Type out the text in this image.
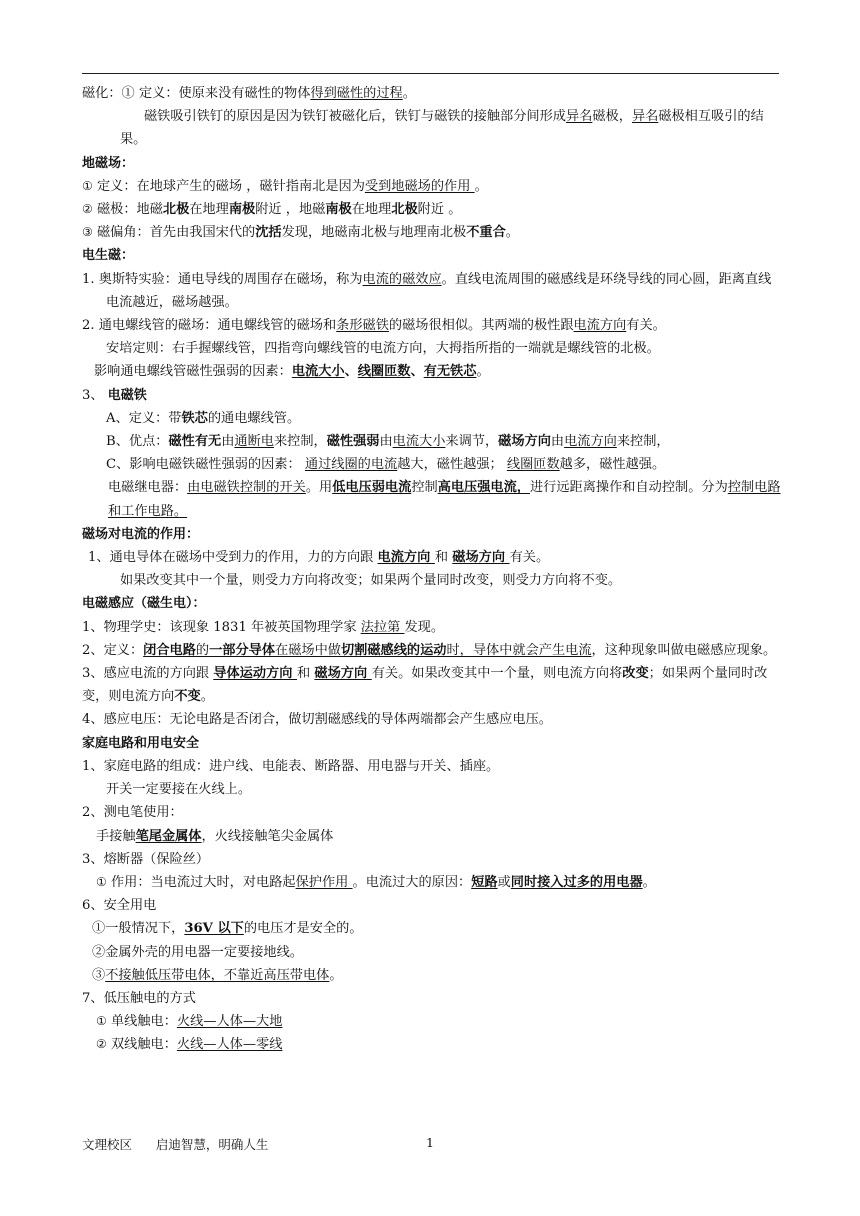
磁化：① 定义：使原来没有磁性的物体得到磁性的过程。
磁铁吸引铁钉的原因是因为铁钉被磁化后，铁钉与磁铁的接触部分间形成异名磁极，异名磁极相互吸引的结果。
地磁场：
① 定义：在地球产生的磁场 ，磁针指南北是因为受到地磁场的作用 。
② 磁极：地磁北极在地理南极附近 ，地磁南极在地理北极附近 。
③ 磁偏角：首先由我国宋代的沈括发现，地磁南北极与地理南北极不重合。
电生磁：
1. 奥斯特实验：通电导线的周围存在磁场，称为电流的磁效应。直线电流周围的磁感线是环绕导线的同心圆，距离直线电流越近，磁场越强。
2. 通电螺线管的磁场：通电螺线管的磁场和条形磁铁的磁场很相似。其两端的极性跟电流方向有关。
安培定则：右手握螺线管，四指弯向螺线管的电流方向，大拇指所指的一端就是螺线管的北极。
影响通电螺线管磁性强弱的因素：电流大小、线圈匝数、有无铁芯。
3、 电磁铁
A、定义：带铁芯的通电螺线管。
B、优点：磁性有无由通断电来控制，磁性强弱由电流大小来调节，磁场方向由电流方向来控制，
C、影响电磁铁磁性强弱的因素： 通过线圈的电流越大，磁性越强； 线圈匝数越多，磁性越强。
电磁继电器：由电磁铁控制的开关。用低电压弱电流控制高电压强电流，进行远距离操作和自动控制。分为控制电路和工作电路。
磁场对电流的作用：
1、通电导体在磁场中受到力的作用，力的方向跟 电流方向 和 磁场方向 有关。
如果改变其中一个量，则受力方向将改变；如果两个量同时改变，则受力方向将不变。
电磁感应（磁生电）：
1、物理学史：该现象 1831 年被英国物理学家 法拉第 发现。
2、定义：闭合电路的一部分导体在磁场中做切割磁感线的运动时，导体中就会产生电流，这种现象叫做电磁感应现象。
3、感应电流的方向跟 导体运动方向 和 磁场方向 有关。如果改变其中一个量，则电流方向将改变；如果两个量同时改变，则电流方向不变。
4、感应电压：无论电路是否闭合，做切割磁感线的导体两端都会产生感应电压。
家庭电路和用电安全
1、家庭电路的组成：进户线、电能表、断路器、用电器与开关、插座。
开关一定要接在火线上。
2、测电笔使用：
手接触笔尾金属体，火线接触笔尖金属体
3、熔断器（保险丝）
① 作用：当电流过大时，对电路起保护作用 。电流过大的原因：短路或同时接入过多的用电器。
6、安全用电
①一般情况下，36V 以下的电压才是安全的。
②金属外壳的用电器一定要接地线。
③不接触低压带电体，不靠近高压带电体。
7、低压触电的方式
① 单线触电：火线—人体—大地
② 双线触电：火线—人体—零线
文理校区      启迪智慧，明确人生	1
